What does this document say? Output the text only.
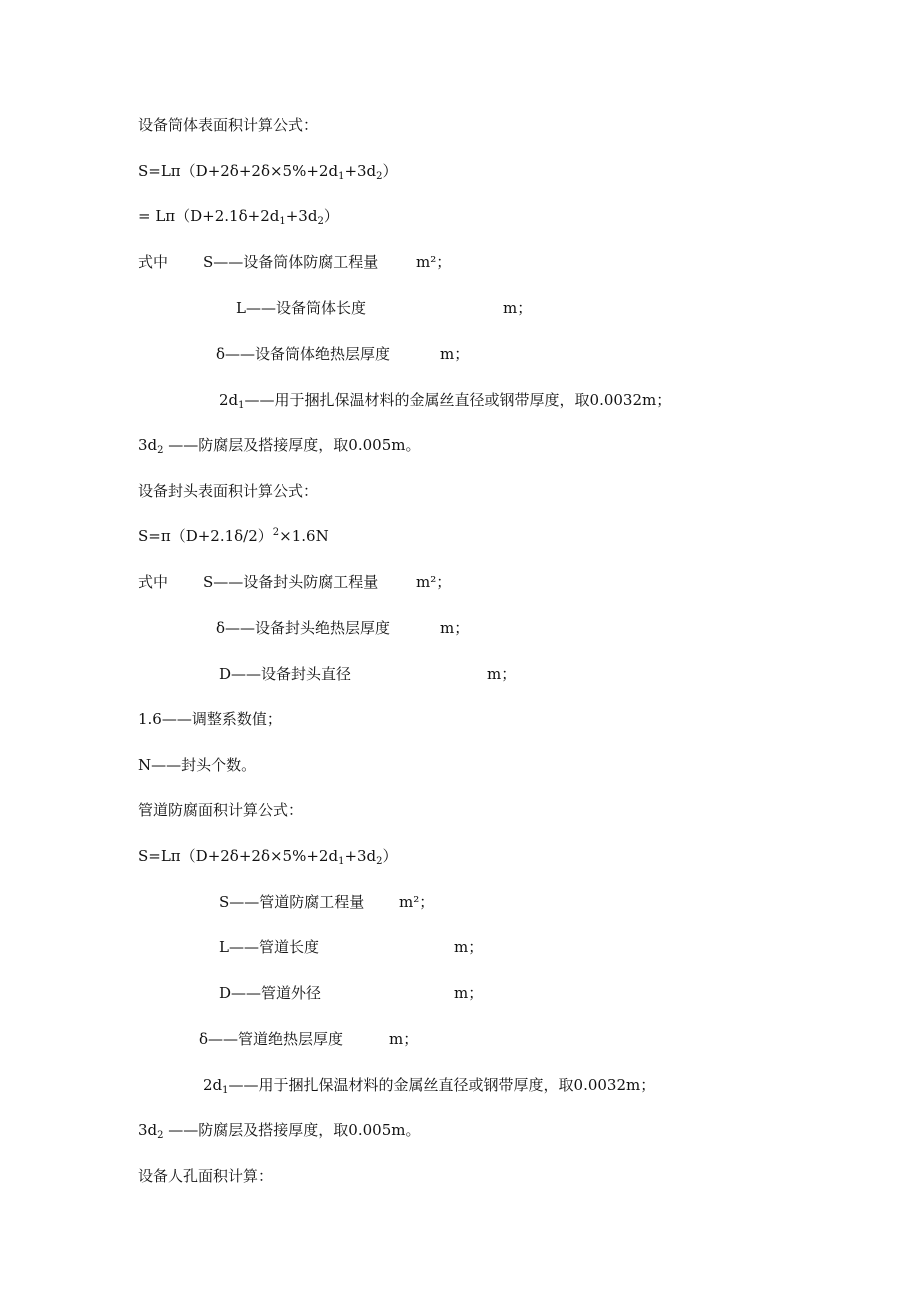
设备筒体表面积计算公式：
$S=L\pi(D+2\delta+2\delta\times 5\%+2d_1+3d_2)$
= $L\pi(D+2.1\delta+2d_1+3d_2)$
式中 S——设备筒体防腐工程量	m²；
L——设备筒体长度	m；
δ——设备筒体绝热层厚度	m；
$2d_1——$用于捆扎保温材料的金属丝直径或钢带厚度，取0.0032m；
$3d_2$ ——防腐层及搭接厚度，取0.005m。
设备封头表面积计算公式：
$S=\pi(D+2.1\delta/2)^2\times 1.6N$
式中 S——设备封头防腐工程量	m²；
δ——设备封头绝热层厚度	m；
D——设备封头直径	m；
1.6——调整系数值；
N——封头个数。
管道防腐面积计算公式：
$S=L\pi(D+2\delta+2\delta\times 5\%+2d_1+3d_2)$
S——管道防腐工程量 m²；
L——管道长度	m；
D——管道外径	m；
δ——管道绝热层厚度	m；
$2d_1——$用于捆扎保温材料的金属丝直径或钢带厚度，取0.0032m；
$3d_2$ ——防腐层及搭接厚度，取0.005m。
设备人孔面积计算：
